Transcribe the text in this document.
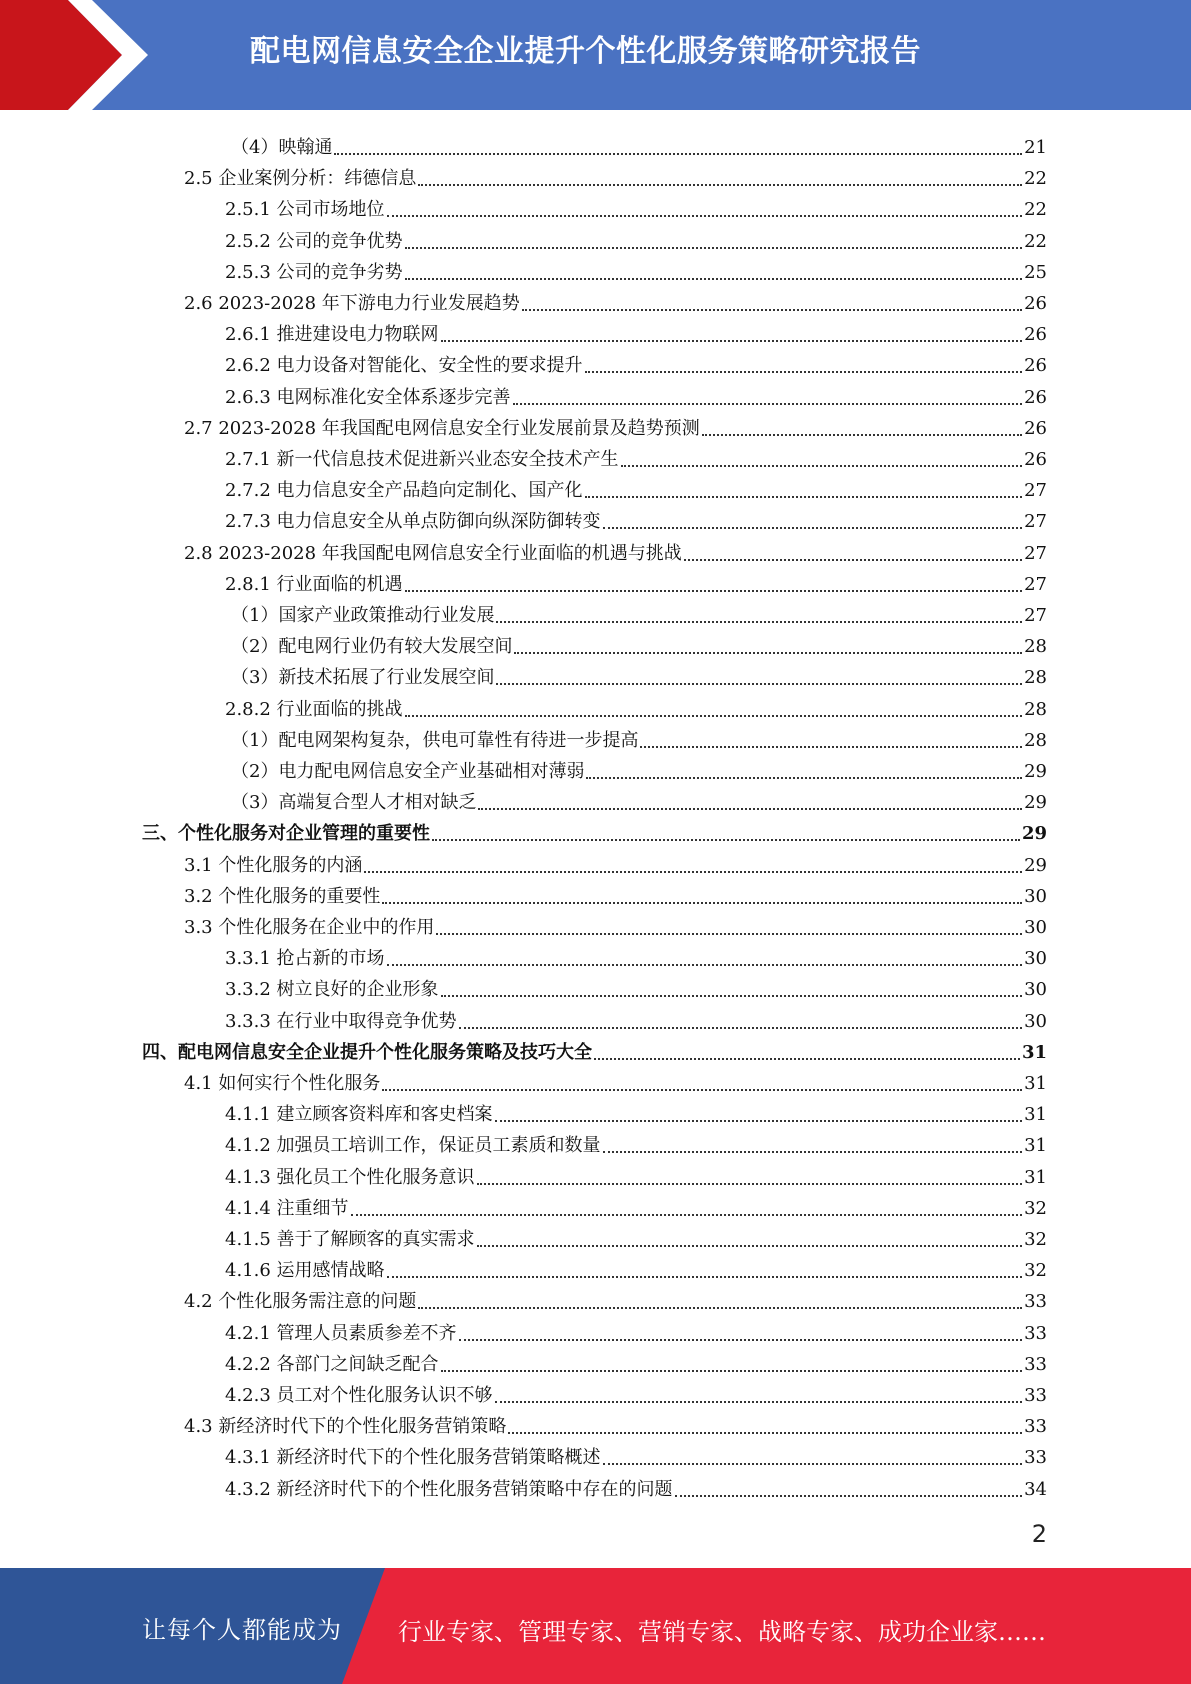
配电网信息安全企业提升个性化服务策略研究报告
（4）映翰通	21
2.5 企业案例分析：纬德信息	22
2.5.1 公司市场地位	22
2.5.2 公司的竞争优势	22
2.5.3 公司的竞争劣势	25
2.6 2023-2028 年下游电力行业发展趋势	26
2.6.1 推进建设电力物联网	26
2.6.2 电力设备对智能化、安全性的要求提升	26
2.6.3 电网标准化安全体系逐步完善	26
2.7 2023-2028 年我国配电网信息安全行业发展前景及趋势预测	26
2.7.1 新一代信息技术促进新兴业态安全技术产生	26
2.7.2 电力信息安全产品趋向定制化、国产化	27
2.7.3 电力信息安全从单点防御向纵深防御转变	27
2.8 2023-2028 年我国配电网信息安全行业面临的机遇与挑战	27
2.8.1 行业面临的机遇	27
（1）国家产业政策推动行业发展	27
（2）配电网行业仍有较大发展空间	28
（3）新技术拓展了行业发展空间	28
2.8.2 行业面临的挑战	28
（1）配电网架构复杂，供电可靠性有待进一步提高	28
（2）电力配电网信息安全产业基础相对薄弱	29
（3）高端复合型人才相对缺乏	29
三、个性化服务对企业管理的重要性	29
3.1 个性化服务的内涵	29
3.2 个性化服务的重要性	30
3.3 个性化服务在企业中的作用	30
3.3.1 抢占新的市场	30
3.3.2 树立良好的企业形象	30
3.3.3 在行业中取得竞争优势	30
四、配电网信息安全企业提升个性化服务策略及技巧大全	31
4.1 如何实行个性化服务	31
4.1.1 建立顾客资料库和客史档案	31
4.1.2 加强员工培训工作，保证员工素质和数量	31
4.1.3 强化员工个性化服务意识	31
4.1.4 注重细节	32
4.1.5 善于了解顾客的真实需求	32
4.1.6 运用感情战略	32
4.2 个性化服务需注意的问题	33
4.2.1 管理人员素质参差不齐	33
4.2.2 各部门之间缺乏配合	33
4.2.3 员工对个性化服务认识不够	33
4.3 新经济时代下的个性化服务营销策略	33
4.3.1 新经济时代下的个性化服务营销策略概述	33
4.3.2 新经济时代下的个性化服务营销策略中存在的问题	34
2
让每个人都能成为 行业专家、管理专家、营销专家、战略专家、成功企业家……
